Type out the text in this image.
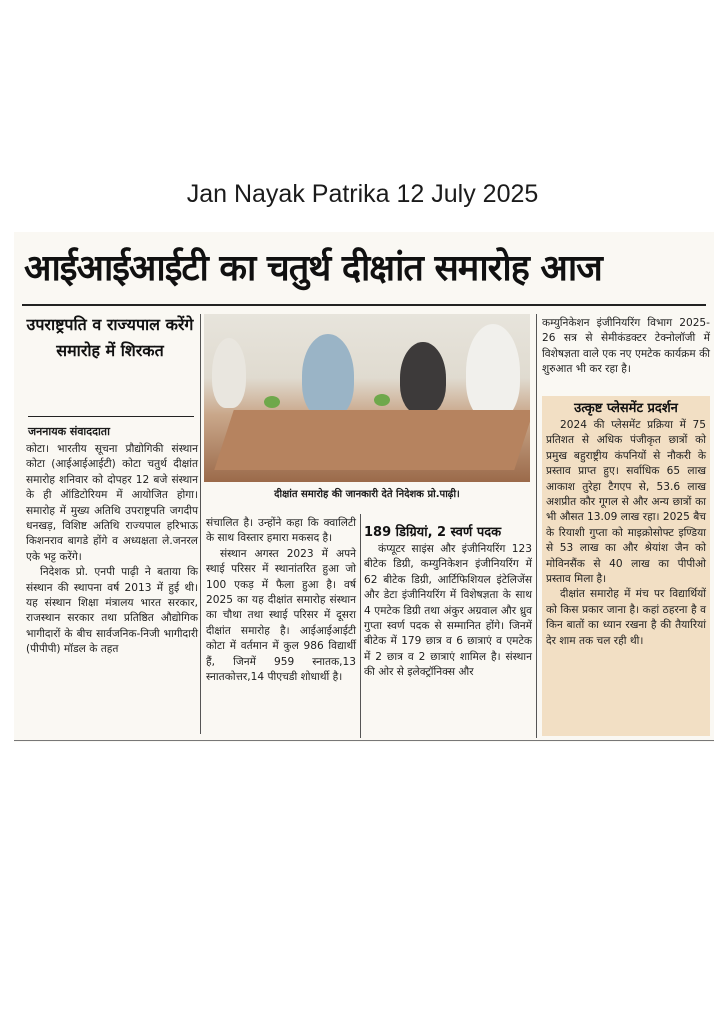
Jan Nayak Patrika 12 July 2025
आईआईआईटी का चतुर्थ दीक्षांत समारोह आज
उपराष्ट्रपति व राज्यपाल करेंगे समारोह में शिरकत
जननायक संवाददाता

कोटा। भारतीय सूचना प्रौद्योगिकी संस्थान कोटा (आईआईआईटी) कोटा चतुर्थ दीक्षांत समारोह शनिवार को दोपहर 12 बजे संस्थान के ही ऑडिटोरियम में आयोजित होगा। समारोह में मुख्य अतिथि उपराष्ट्रपति जगदीप धनखड़, विशिष्ट अतिथि राज्यपाल हरिभाऊ किशनराव बागडे होंगे व अध्यक्षता ले.जनरल एके भट्ट करेंगे।

निदेशक प्रो. एनपी पाढ़ी ने बताया कि संस्थान की स्थापना वर्ष 2013 में हुई थी। यह संस्थान शिक्षा मंत्रालय भारत सरकार, राजस्थान सरकार तथा प्रतिष्ठित औद्योगिक भागीदारों के बीच सार्वजनिक-निजी भागीदारी (पीपीपी) मॉडल के तहत

दीक्षांत समारोह की जानकारी देते निदेशक प्रो.पाढ़ी।

संचालित है। उन्होंने कहा कि क्वालिटी के साथ विस्तार हमारा मकसद है।

संस्थान अगस्त 2023 में अपने स्थाई परिसर में स्थानांतरित हुआ जो 100 एकड़ में फैला हुआ है। वर्ष 2025 का यह दीक्षांत समारोह संस्थान का चौथा तथा स्थाई परिसर में दूसरा दीक्षांत समारोह है। आईआईआईटी कोटा में वर्तमान में कुल 986 विद्यार्थी हैं, जिनमें 959 स्नातक,13 स्नातकोत्तर,14 पीएचडी शोधार्थी है।

189 डिग्रियां, 2 स्वर्ण पदक

कंप्यूटर साइंस और इंजीनियरिंग 123 बीटेक डिग्री, कम्युनिकेशन इंजीनियरिंग में 62 बीटेक डिग्री, आर्टिफिशियल इंटेलिजेंस और डेटा इंजीनियरिंग में विशेषज्ञता के साथ 4 एमटेक डिग्री तथा अंकुर अग्रवाल और ध्रुव गुप्ता स्वर्ण पदक से सम्मानित होंगे। जिनमें बीटेक में 179 छात्र व 6 छात्राएं व एमटेक में 2 छात्र व 2 छात्राएं शामिल है। संस्थान की ओर से इलेक्ट्रॉनिक्स और

कम्युनिकेशन इंजीनियरिंग विभाग 2025-26 सत्र से सेमीकंडक्टर टेक्नोलॉजी में विशेषज्ञता वाले एक नए एमटेक कार्यक्रम की शुरुआत भी कर रहा है।

उत्कृष्ट प्लेसमेंट प्रदर्शन

2024 की प्लेसमेंट प्रक्रिया में 75 प्रतिशत से अधिक पंजीकृत छात्रों को प्रमुख बहुराष्ट्रीय कंपनियों से नौकरी के प्रस्ताव प्राप्त हुए। सर्वाधिक 65 लाख आकाश तुरेहा टैगएप से, 53.6 लाख अशप्रीत कौर गूगल से और अन्य छात्रों का भी औसत 13.09 लाख रहा। 2025 बैच के रियाशी गुप्ता को माइक्रोसोफ्ट इण्डिया से 53 लाख का और श्रेयांश जैन को मोविनसैंक से 40 लाख का पीपीओ प्रस्ताव मिला है।

दीक्षांत समारोह में मंच पर विद्यार्थियों को किस प्रकार जाना है। कहां ठहरना है व किन बातों का ध्यान रखना है की तैयारियां देर शाम तक चल रही थी।
